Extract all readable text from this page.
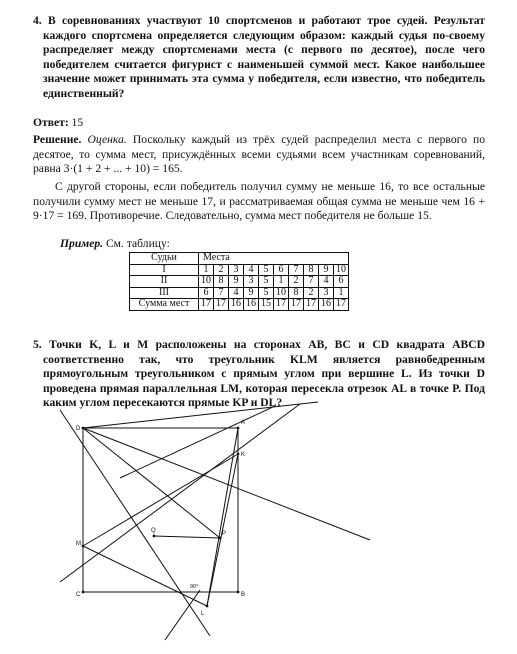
4. В соревнованиях участвуют 10 спортсменов и работают трое судей. Результат каждого спортсмена определяется следующим образом: каждый судья по-своему распределяет между спортсменами места (с первого по десятое), после чего победителем считается фигурист с наименьшей суммой мест. Какое наибольшее значение может принимать эта сумма у победителя, если известно, что победитель единственный?
Ответ: 15
Решение. Оценка. Поскольку каждый из трёх судей распределил места с первого по десятое, то сумма мест, присуждённых всеми судьями всем участникам соревнований, равна 3·(1 + 2 + ... + 10) = 165.
С другой стороны, если победитель получил сумму не меньше 16, то все остальные получили сумму мест не меньше 17, и рассматриваемая общая сумма не меньше чем 16 + 9·17 = 169. Противоречие. Следовательно, сумма мест победителя не больше 15.
Пример. См. таблицу:
Судьи	Места									
I	1	2	3	4	5	6	7	8	9	10
II	10	8	9	3	5	1	2	7	4	6
III	6	7	4	9	5	10	8	2	3	1
Сумма мест	17	17	16	16	15	17	17	17	16	17
5. Точки K, L и M расположены на сторонах AB, BC и CD квадрата ABCD соответственно так, что треугольник KLM является равнобедренным прямоугольным треугольником с прямым углом при вершине L. Из точки D проведена прямая параллельная LM, которая пересекла отрезок AL в точке P. Под каким углом пересекаются прямые KP и DL?
D
A
M
C	B
L
K
P
Q
90°
